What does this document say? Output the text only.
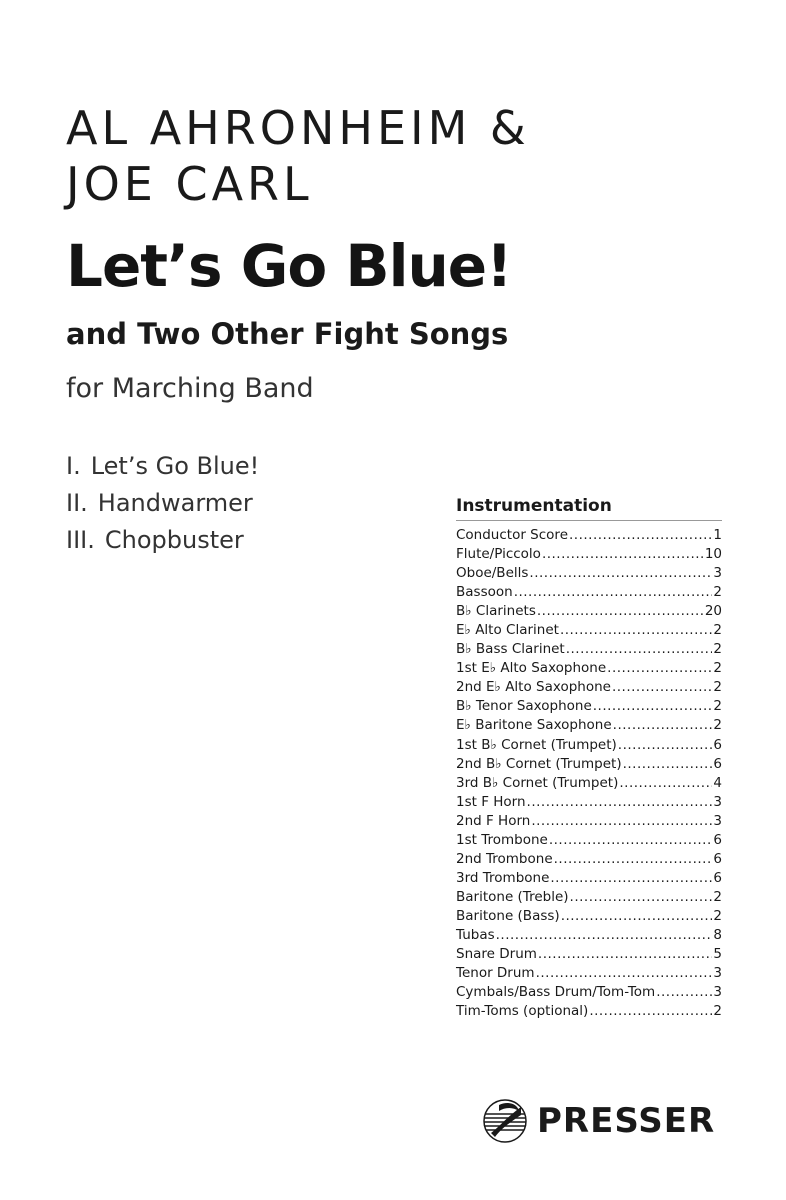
AL AHRONHEIM &
JOE CARL
Let’s Go Blue!
and Two Other Fight Songs
for Marching Band
I. Let’s Go Blue!
II. Handwarmer
III. Chopbuster
Instrumentation
Conductor Score .....	1
Flute/Piccolo .....	10
Oboe/Bells .....	3
Bassoon .....	2
B♭ Clarinets .....	20
E♭ Alto Clarinet .....	2
B♭ Bass Clarinet .....	2
1st E♭ Alto Saxophone .....	2
2nd E♭ Alto Saxophone .....	2
B♭ Tenor Saxophone .....	2
E♭ Baritone Saxophone .....	2
1st B♭ Cornet (Trumpet) .....	6
2nd B♭ Cornet (Trumpet) .....	6
3rd B♭ Cornet (Trumpet) .....	4
1st F Horn .....	3
2nd F Horn .....	3
1st Trombone .....	6
2nd Trombone .....	6
3rd Trombone .....	6
Baritone (Treble) .....	2
Baritone (Bass) .....	2
Tubas .....	8
Snare Drum .....	5
Tenor Drum .....	3
Cymbals/Bass Drum/Tom-Tom .....	3
Tim-Toms (optional) .....	2
PRESSER
